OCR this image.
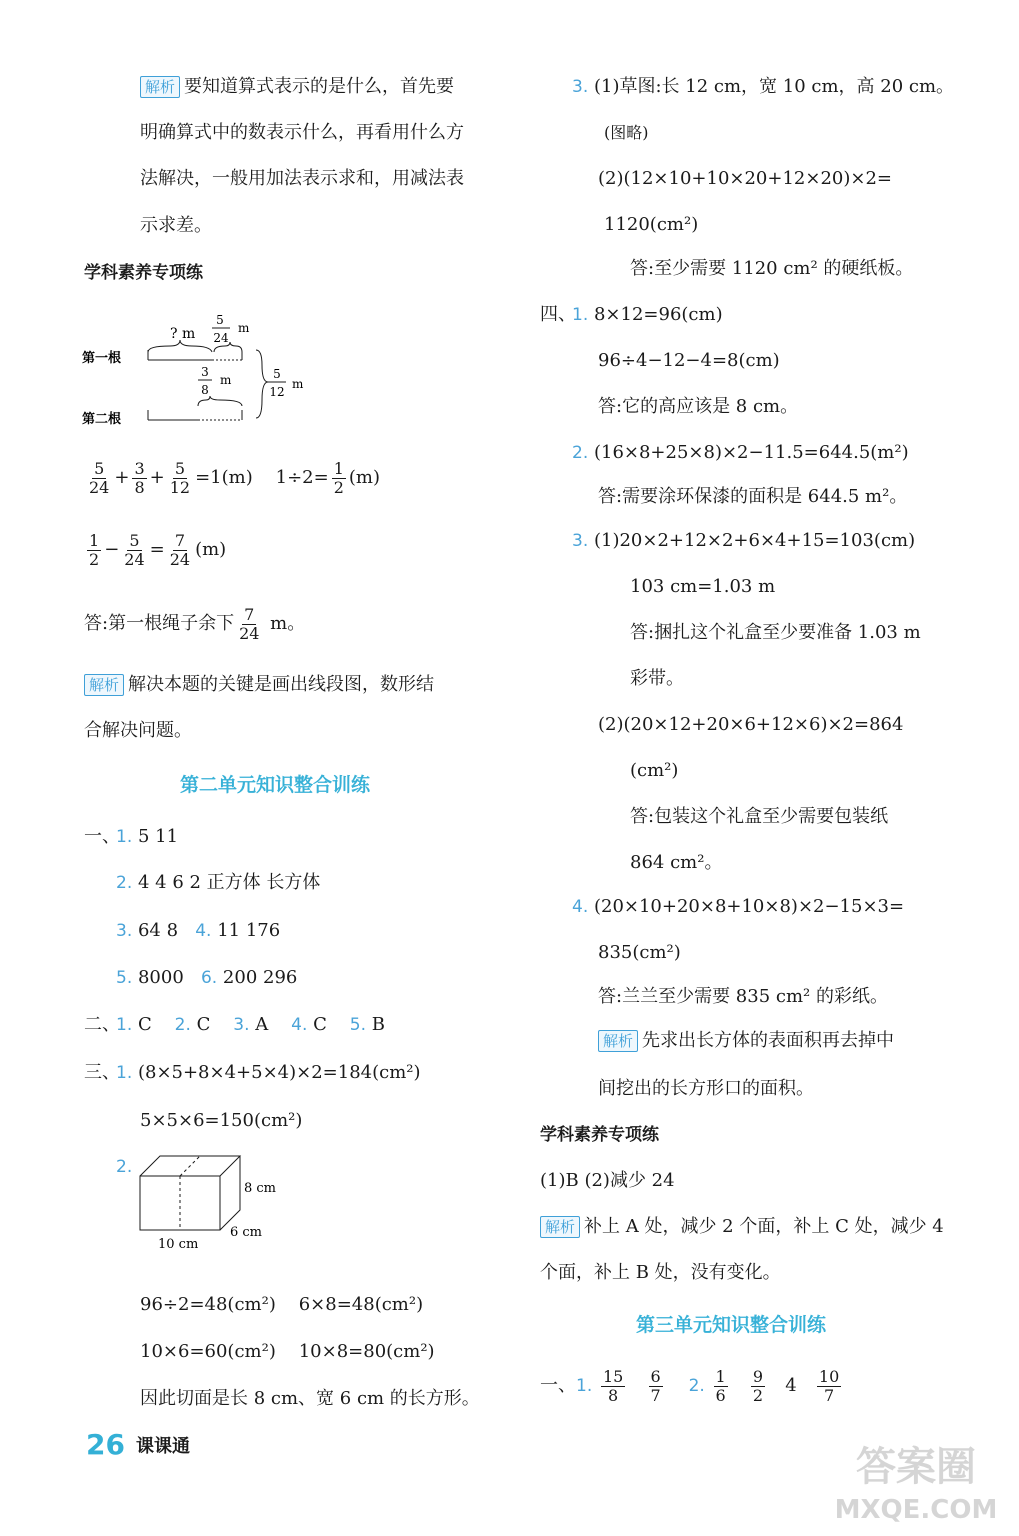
解析 要知道算式表示的是什么，首先要
明确算式中的数表示什么，再看用什么方
法解决，一般用加法表示求和，用减法表
示求差。
学科素养专项练
? m
5
24
m
第一根
3
8
m
第二根
5
12
m
$\frac{5}{24} + \frac{3}{8} + \frac{5}{12} =1(m)$ $1\div 2= \frac{1}{2} (m)$
$\frac{1}{2} - \frac{5}{24} = \frac{7}{24} (m)$
答:第一根绳子余下 $\frac{7}{24}$ m。
解析 解决本题的关键是画出线段图，数形结
合解决问题。
第二单元知识整合训练
一、
1. 5 11
2. 4 4 6 2 正方体 长方体
3. 64 8 4. 11 176
5. 8000 6. 200 296
二、
1. C 2. C 3. A 4. C 5. B
三、
1. (8×5+8×4+5×4)×2=184(cm²)
5×5×6=150(cm²)
2.
8 cm
6 cm
10 cm
96÷2=48(cm²) 6×8=48(cm²)
10×6=60(cm²) 10×8=80(cm²)
因此切面是长 8 cm、宽 6 cm 的长方形。
3. (1)草图:长 12 cm，宽 10 cm，高 20 cm。
(图略)
(2)(12×10+10×20+12×20)×2=
1120(cm²)
答:至少需要 1120 cm² 的硬纸板。
四、
1. 8×12=96(cm)
96÷4−12−4=8(cm)
答:它的高应该是 8 cm。
2. (16×8+25×8)×2−11.5=644.5(m²)
答:需要涂环保漆的面积是 644.5 m²。
3. (1)20×2+12×2+6×4+15=103(cm)
103 cm=1.03 m
答:捆扎这个礼盒至少要准备 1.03 m
彩带。
(2)(20×12+20×6+12×6)×2=864
(cm²)
答:包装这个礼盒至少需要包装纸
864 cm²。
4. (20×10+20×8+10×8)×2−15×3=
835(cm²)
答:兰兰至少需要 835 cm² 的彩纸。
解析 先求出长方体的表面积再去掉中
间挖出的长方形口的面积。
学科素养专项练
(1)B (2)减少 24
解析 补上 A 处，减少 2 个面，补上 C 处，减少 4
个面，补上 B 处，没有变化。
第三单元知识整合训练
一、1. $\frac{15}{8}$
$\frac{6}{7} 2$. $\frac{1}{6}$
$\frac{9}{2} 4 \frac{10}{7}$
26 课课通	答案圈
MXQE.COM
